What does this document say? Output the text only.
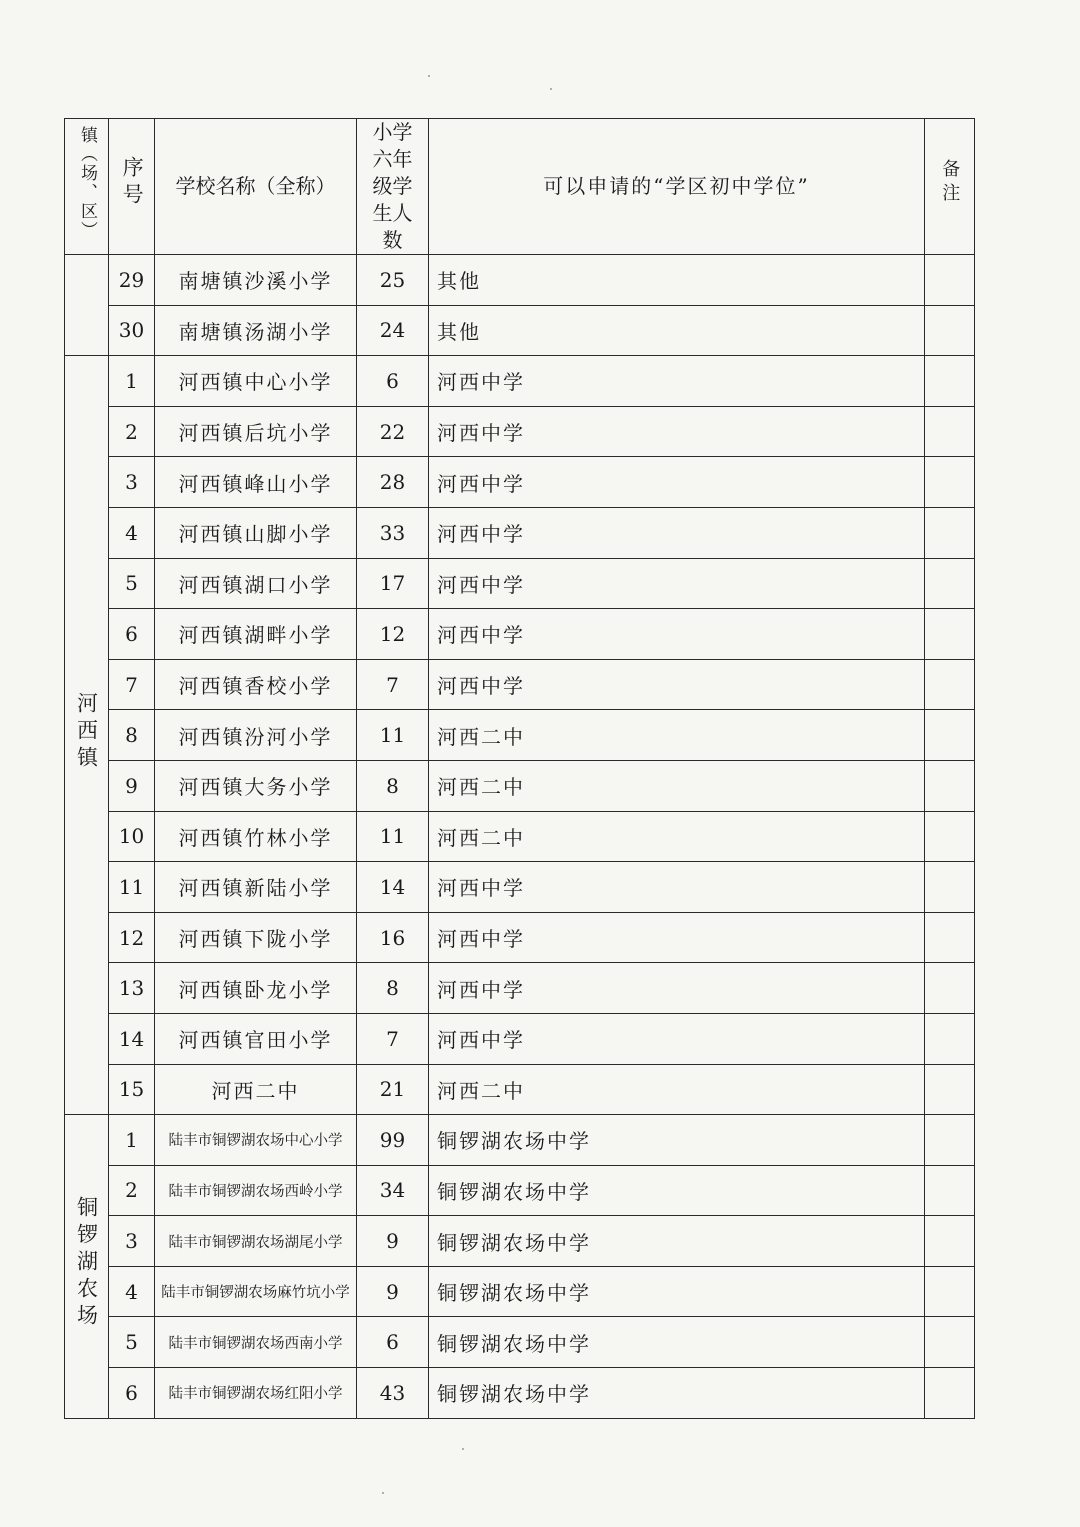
镇（场、区）	序号	学校名称（全称）	小学六年级学生人数	可以申请的“学区初中学位”	备注
	29	南塘镇沙溪小学	25	其他	
	30	南塘镇汤湖小学	24	其他	
河西镇	1	河西镇中心小学	6	河西中学	
	2	河西镇后坑小学	22	河西中学	
	3	河西镇峰山小学	28	河西中学	
	4	河西镇山脚小学	33	河西中学	
	5	河西镇湖口小学	17	河西中学	
	6	河西镇湖畔小学	12	河西中学	
	7	河西镇香校小学	7	河西中学	
	8	河西镇汾河小学	11	河西二中	
	9	河西镇大务小学	8	河西二中	
	10	河西镇竹林小学	11	河西二中	
	11	河西镇新陆小学	14	河西中学	
	12	河西镇下陇小学	16	河西中学	
	13	河西镇卧龙小学	8	河西中学	
	14	河西镇官田小学	7	河西中学	
	15	河西二中	21	河西二中	
铜锣湖农场	1	陆丰市铜锣湖农场中心小学	99	铜锣湖农场中学	
	2	陆丰市铜锣湖农场西岭小学	34	铜锣湖农场中学	
	3	陆丰市铜锣湖农场湖尾小学	9	铜锣湖农场中学	
	4	陆丰市铜锣湖农场麻竹坑小学	9	铜锣湖农场中学	
	5	陆丰市铜锣湖农场西南小学	6	铜锣湖农场中学	
	6	陆丰市铜锣湖农场红阳小学	43	铜锣湖农场中学	
